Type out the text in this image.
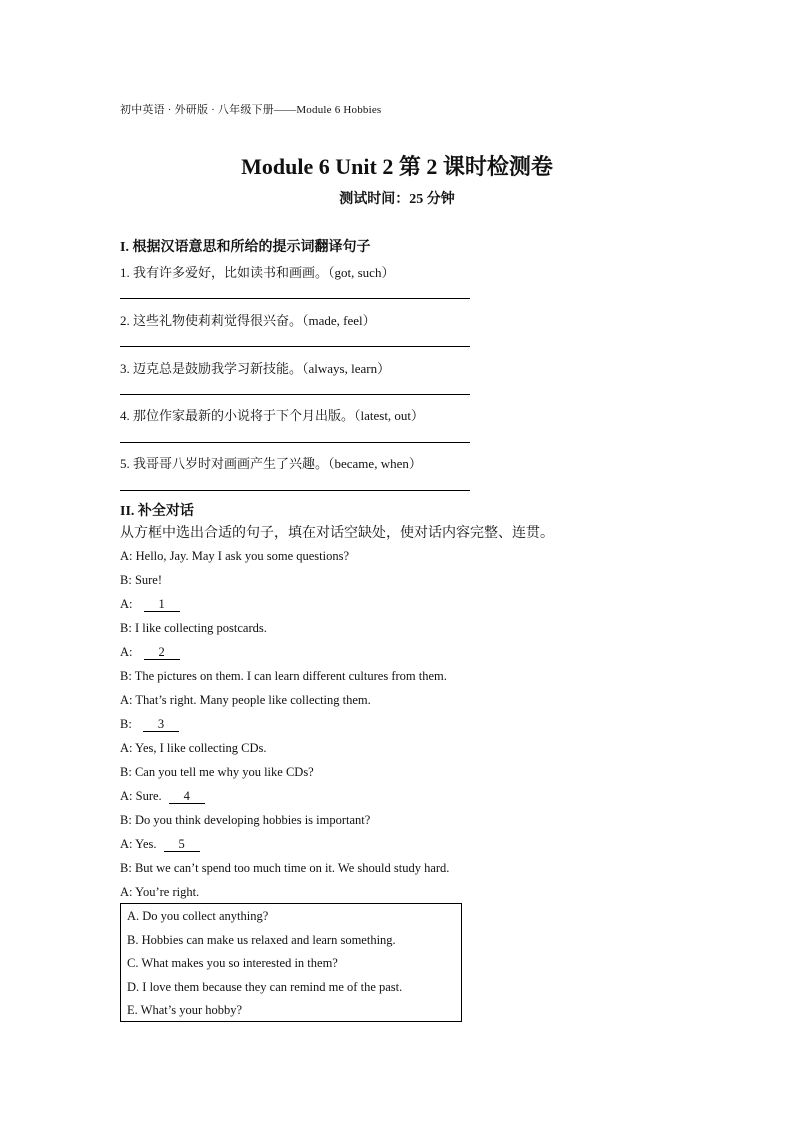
初中英语 · 外研版 · 八年级下册——Module 6 Hobbies
Module 6 Unit 2 第 2 课时检测卷
测试时间：25 分钟
I. 根据汉语意思和所给的提示词翻译句子
1. 我有许多爱好，比如读书和画画。（got, such）
2. 这些礼物使莉莉觉得很兴奋。（made, feel）
3. 迈克总是鼓励我学习新技能。（always, learn）
4. 那位作家最新的小说将于下个月出版。（latest, out）
5. 我哥哥八岁时对画画产生了兴趣。（became, when）
II. 补全对话
从方框中选出合适的句子，填在对话空缺处，使对话内容完整、连贯。
A: Hello, Jay. May I ask you some questions?
B: Sure!
A: 1
B: I like collecting postcards.
A: 2
B: The pictures on them. I can learn different cultures from them.
A: That’s right. Many people like collecting them.
B: 3
A: Yes, I like collecting CDs.
B: Can you tell me why you like CDs?
A: Sure. 4
B: Do you think developing hobbies is important?
A: Yes. 5
B: But we can’t spend too much time on it. We should study hard.
A: You’re right.
A. Do you collect anything?
B. Hobbies can make us relaxed and learn something.
C. What makes you so interested in them?
D. I love them because they can remind me of the past.
E. What’s your hobby?
